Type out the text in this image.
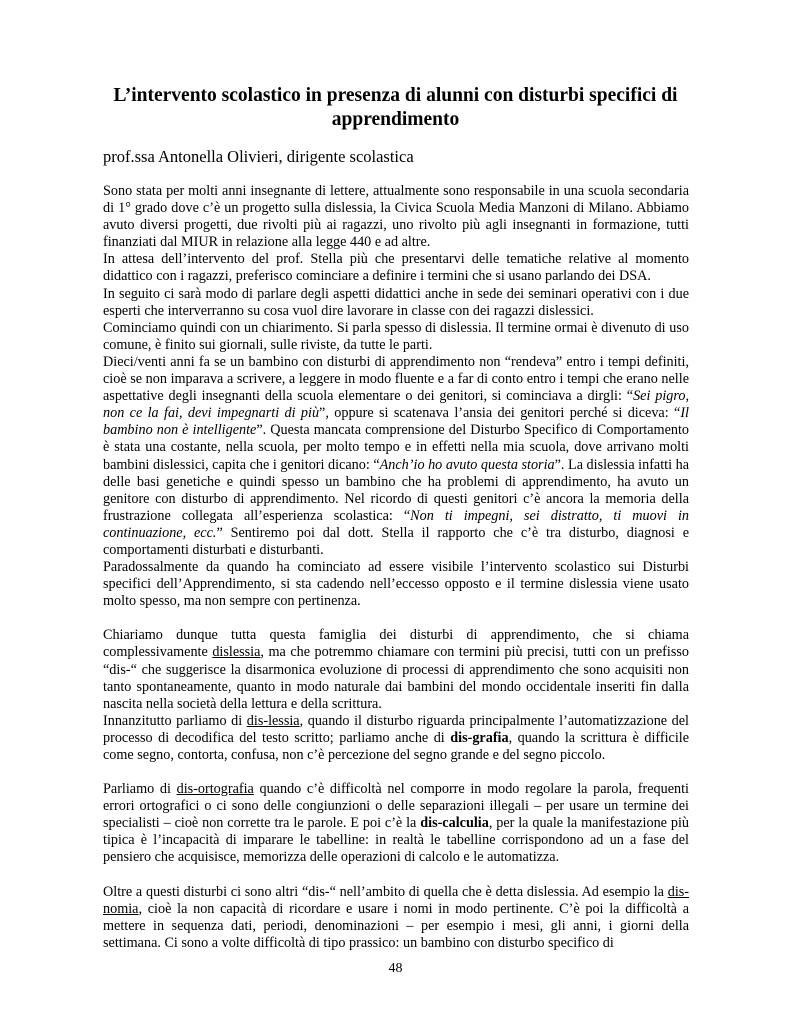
L’intervento scolastico in presenza di alunni con disturbi specifici di apprendimento

prof.ssa Antonella Olivieri, dirigente scolastica

Sono stata per molti anni insegnante di lettere, attualmente sono responsabile in una scuola secondaria di 1° grado dove c’è un progetto sulla dislessia, la Civica Scuola Media Manzoni di Milano. Abbiamo avuto diversi progetti, due rivolti più ai ragazzi, uno rivolto più agli insegnanti in formazione, tutti finanziati dal MIUR in relazione alla legge 440 e ad altre.

In attesa dell’intervento del prof. Stella più che presentarvi delle tematiche relative al momento didattico con i ragazzi, preferisco cominciare a definire i termini che si usano parlando dei DSA.

In seguito ci sarà modo di parlare degli aspetti didattici anche in sede dei seminari operativi con i due esperti che interverranno su cosa vuol dire lavorare in classe con dei ragazzi dislessici.

Cominciamo quindi con un chiarimento. Si parla spesso di dislessia. Il termine ormai è divenuto di uso comune, è finito sui giornali, sulle riviste, da tutte le parti.

Dieci/venti anni fa se un bambino con disturbi di apprendimento non “rendeva” entro i tempi definiti, cioè se non imparava a scrivere, a leggere in modo fluente e a far di conto entro i tempi che erano nelle aspettative degli insegnanti della scuola elementare o dei genitori, si cominciava a dirgli: “Sei pigro, non ce la fai, devi impegnarti di più”, oppure si scatenava l’ansia dei genitori perché si diceva: “Il bambino non è intelligente”. Questa mancata comprensione del Disturbo Specifico di Comportamento è stata una costante, nella scuola, per molto tempo e in effetti nella mia scuola, dove arrivano molti bambini dislessici, capita che i genitori dicano: “Anch’io ho avuto questa storia”. La dislessia infatti ha delle basi genetiche e quindi spesso un bambino che ha problemi di apprendimento, ha avuto un genitore con disturbo di apprendimento. Nel ricordo di questi genitori c’è ancora la memoria della frustrazione collegata all’esperienza scolastica: “Non ti impegni, sei distratto, ti muovi in continuazione, ecc.” Sentiremo poi dal dott. Stella il rapporto che c’è tra disturbo, diagnosi e comportamenti disturbati e disturbanti.

Paradossalmente da quando ha cominciato ad essere visibile l’intervento scolastico sui Disturbi specifici dell’Apprendimento, si sta cadendo nell’eccesso opposto e il termine dislessia viene usato molto spesso, ma non sempre con pertinenza.

Chiariamo dunque tutta questa famiglia dei disturbi di apprendimento, che si chiama complessivamente dislessia, ma che potremmo chiamare con termini più precisi, tutti con un prefisso “dis-“ che suggerisce la disarmonica evoluzione di processi di apprendimento che sono acquisiti non tanto spontaneamente, quanto in modo naturale dai bambini del mondo occidentale inseriti fin dalla nascita nella società della lettura e della scrittura.

Innanzitutto parliamo di dis-lessia, quando il disturbo riguarda principalmente l’automatizzazione del processo di decodifica del testo scritto; parliamo anche di dis-grafia, quando la scrittura è difficile come segno, contorta, confusa, non c’è percezione del segno grande e del segno piccolo.

Parliamo di dis-ortografia quando c’è difficoltà nel comporre in modo regolare la parola, frequenti errori ortografici o ci sono delle congiunzioni o delle separazioni illegali – per usare un termine dei specialisti – cioè non corrette tra le parole. E poi c’è la dis-calculia, per la quale la manifestazione più tipica è l’incapacità di imparare le tabelline: in realtà le tabelline corrispondono ad un a fase del pensiero che acquisisce, memorizza delle operazioni di calcolo e le automatizza.

Oltre a questi disturbi ci sono altri “dis-“ nell’ambito di quella che è detta dislessia. Ad esempio la dis-nomia, cioè la non capacità di ricordare e usare i nomi in modo pertinente. C’è poi la difficoltà a mettere in sequenza dati, periodi, denominazioni – per esempio i mesi, gli anni, i giorni della settimana. Ci sono a volte difficoltà di tipo prassico: un bambino con disturbo specifico di

48
